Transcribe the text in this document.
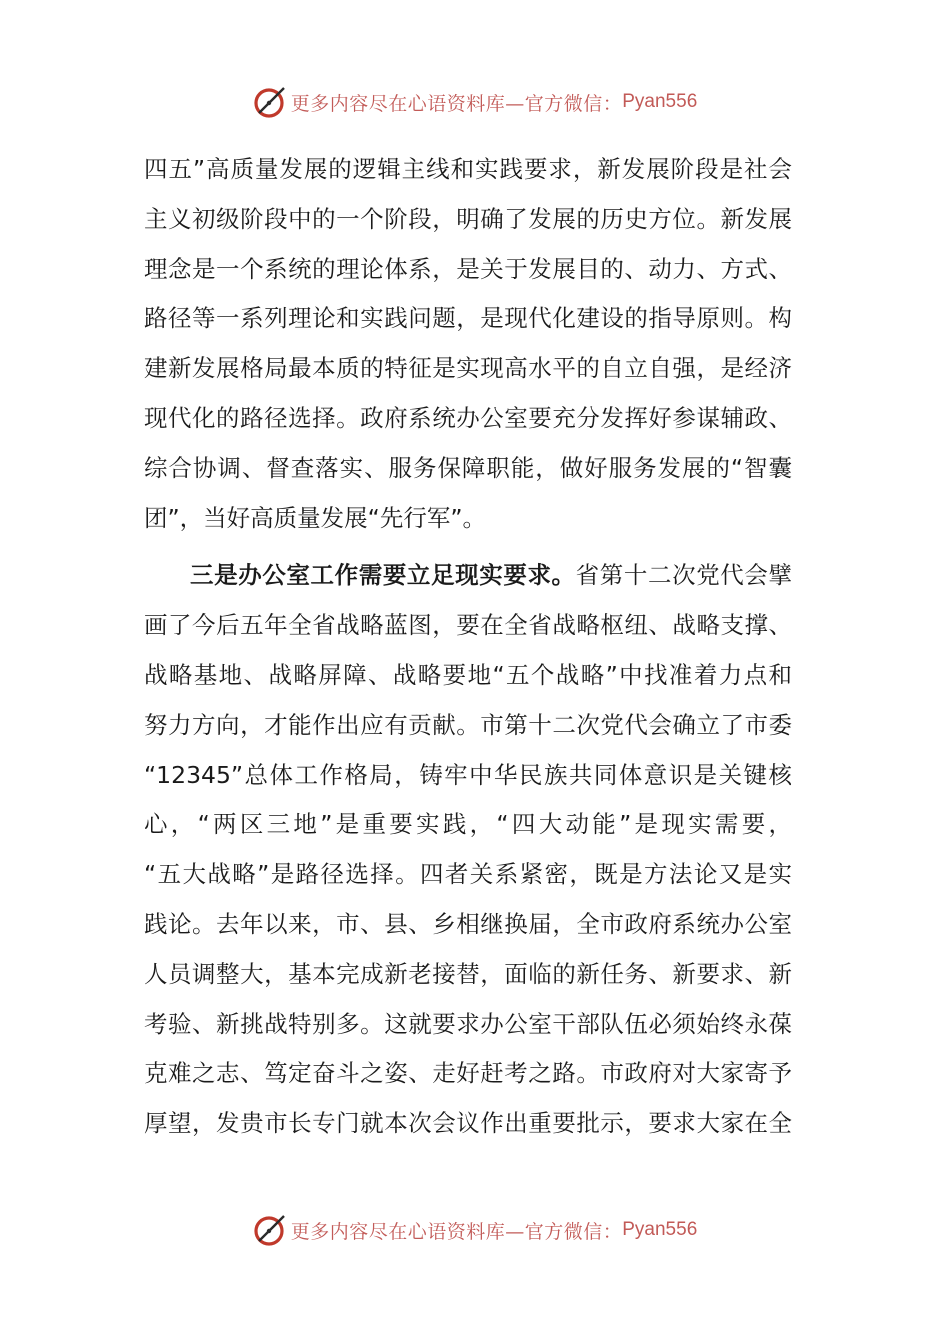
更多内容尽在心语资料库—官方微信： Pyan556
四五”高质量发展的逻辑主线和实践要求，新发展阶段是社会
主义初级阶段中的一个阶段，明确了发展的历史方位。新发展
理念是一个系统的理论体系，是关于发展目的、动力、方式、
路径等一系列理论和实践问题，是现代化建设的指导原则。构
建新发展格局最本质的特征是实现高水平的自立自强，是经济
现代化的路径选择。政府系统办公室要充分发挥好参谋辅政、
综合协调、督查落实、服务保障职能，做好服务发展的“智囊
团”，当好高质量发展“先行军”。
三是办公室工作需要立足现实要求。省第十二次党代会擘
画了今后五年全省战略蓝图，要在全省战略枢纽、战略支撑、
战略基地、战略屏障、战略要地“五个战略”中找准着力点和
努力方向，才能作出应有贡献。市第十二次党代会确立了市委
“12345”总体工作格局，铸牢中华民族共同体意识是关键核
心，“两区三地”是重要实践，“四大动能”是现实需要，
“五大战略”是路径选择。四者关系紧密，既是方法论又是实
践论。去年以来，市、县、乡相继换届，全市政府系统办公室
人员调整大，基本完成新老接替，面临的新任务、新要求、新
考验、新挑战特别多。这就要求办公室干部队伍必须始终永葆
克难之志、笃定奋斗之姿、走好赶考之路。市政府对大家寄予
厚望，发贵市长专门就本次会议作出重要批示，要求大家在全
更多内容尽在心语资料库—官方微信： Pyan556
